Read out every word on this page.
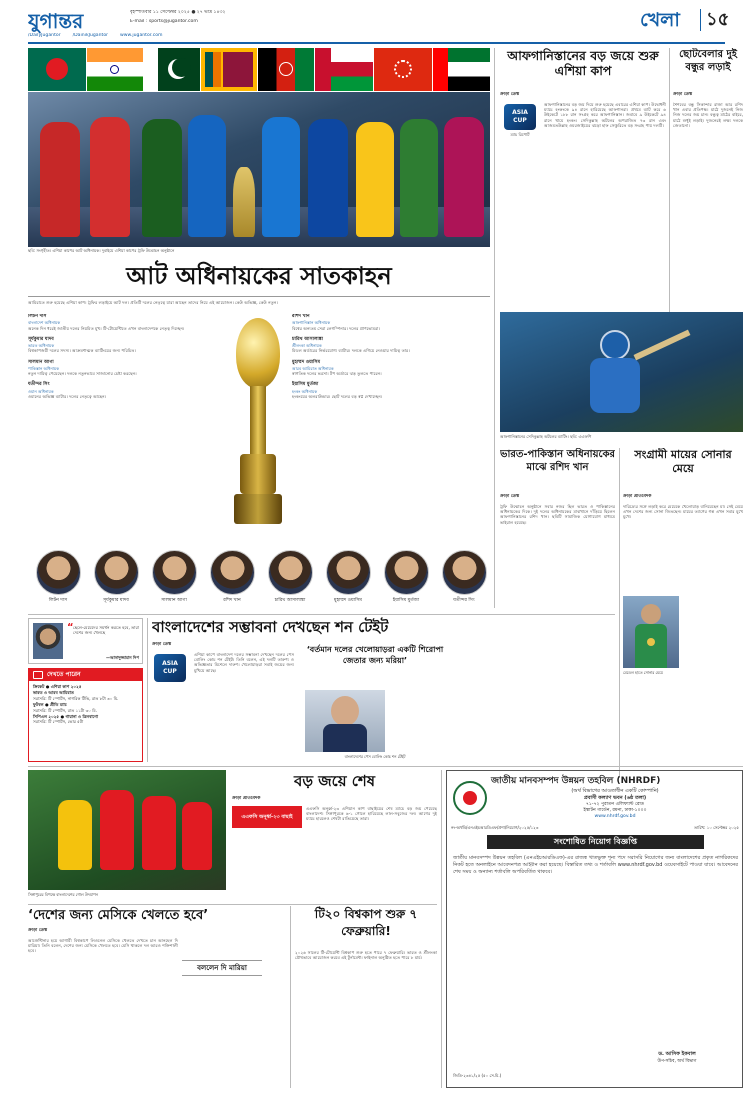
যুগান্তর	বৃহস্পতিবার ১১ সেপ্টেম্বর ২০২৫ ● ২৭ ভাদ্র ১৪৩২
E-mail : sports@jugantor.com
/DailyJugantor	/DainikJugantor	www.jugantor.com
খেলা	১৫
ছবি: সংগৃহীত। এশিয়া কাপের আট অধিনায়ক। দুবাইয়ে এশিয়া কাপের ট্রফি উন্মোচন অনুষ্ঠানে
আট অধিনায়কের সাতকাহন
আমিরাতে শুরু হয়েছে এশিয়া কাপ। ট্রফির লড়াইয়ে আট দল। প্রতিটি দলের নেতৃত্বে যারা আছেন তাদের নিয়ে এই আয়োজন। কেউ অভিজ্ঞ, কেউ নতুন।
লিটন দাস
বাংলাদেশ অধিনায়ক
অনেক দিন ধরেই জাতীয় দলের নিয়মিত মুখ। টি-টোয়েন্টিতে এখন বাংলাদেশকে নেতৃত্ব দিচ্ছেন।
সূর্যকুমার যাদব
ভারত অধিনায়ক
বিশ্বকাপজয়ী দলের সদস্য। আক্রমণাত্মক ব্যাটিংয়ের জন্য পরিচিত।
সালমান আগা
পাকিস্তান অধিনায়ক
নতুন দায়িত্ব পেয়েছেন। দলকে নতুনভাবে সাজানোর চেষ্টা করছেন।
যতীন্দর সিং
ওমান অধিনায়ক
ওমানের অভিজ্ঞ ব্যাটার। দলের নেতৃত্বে আছেন।
রশিদ খান
আফগানিস্তান অধিনায়ক
বিশ্বের অন্যতম সেরা লেগস্পিনার। দলের প্রাণভোমরা।
চারিথ আসালাঙ্কা
শ্রীলংকা অধিনায়ক
মিডল অর্ডারের নির্ভরযোগ্য ব্যাটার। দলকে এগিয়ে নেওয়ার দায়িত্ব তার।
মুহাম্মদ ওয়াসিম
আরব আমিরাত অধিনায়ক
স্বাগতিক দলের ভরসা। টপ অর্ডারে ঝড় তুলতে পারেন।
ইয়াসিম মুর্তজা
হংকং অধিনায়ক
হংকংয়ের অলরাউন্ডার। ছোট দলের বড় স্বপ্ন দেখাচ্ছেন।
লিটন দাস	সূর্যকুমার যাদব	সালমান আগা	রশিদ খান	চারিথ আসালাঙ্কা	মুহাম্মদ ওয়াসিম	ইয়াসিম মুর্তজা	যতীন্দর সিং
আফগানিস্তানের বড় জয়ে শুরু এশিয়া কাপ
ক্রীড়া ডেস্ক
ASIA
CUP
ম্যাচ রিপোর্ট
আফগানিস্তানের বড় জয় দিয়ে শুরু হয়েছে এবারের এশিয়া কাপ। উদ্বোধনী ম্যাচে হংকংকে ৯৪ রানে হারিয়েছে আফগানরা। প্রথমে ব্যাট করে ৬ উইকেটে ১৮৮ রান সংগ্রহ করে আফগানিস্তান। জবাবে ৯ উইকেটে ৯৪ রানে থামে হংকং। সেদিকুল্লাহ অটলের অপরাজিত ৭৩ রান এবং আজমতউল্লাহ ওমরজাইয়ের ঝড়ো হাফ সেঞ্চুরিতে বড় সংগ্রহ পায় দলটি।
ছোটবেলার দুই বন্ধুর লড়াই
ক্রীড়া ডেস্ক
শৈশবের বন্ধু সিকান্দার রাজা আর রশিদ খান এবার প্রতিপক্ষ। মাঠে দুজনেই নিজ নিজ দলের জয় চান। বন্ধুত্ব মাঠের বাইরে, মাঠে শুধুই লড়াই। দুজনেরই লক্ষ্য দলকে জেতানো।
আফগানিস্তানের সেদিকুল্লাহ অটলের ব্যাটিং। ছবি: এএফপি
ভারত-পাকিস্তান অধিনায়কের মাঝে রশিদ খান
ক্রীড়া ডেস্ক
ট্রফি উন্মোচন অনুষ্ঠানে সবার নজর ছিল ভারত ও পাকিস্তানের অধিনায়কের দিকে। দুই দলের অধিনায়কের মাঝখানে দাঁড়িয়ে ছিলেন আফগানিস্তানের রশিদ খান। ছবিটি সামাজিক যোগাযোগ মাধ্যমে ভাইরাল হয়েছে।
সংগ্রামী মায়ের সোনার মেয়ে
ক্রীড়া প্রতিবেদক
দারিদ্র্যের সঙ্গে লড়াই করে মেয়েকে খেলোয়াড় বানিয়েছেন মা। সেই মেয়ে এখন দেশের জন্য সোনা জিতছেন। মায়ের ত্যাগের গল্প এখন সবার মুখে মুখে।
মেডেল হাতে সোনার মেয়ে
“ ছেলে-মেয়েদের সমর্থন করতে হবে, তারা দেশের জন্য খেলছে
—আসাদুজ্জামান দিপ
দেখতে পারেন
ক্রিকেট ● এশিয়া কাপ ২০২৫
ভারত ও আরব আমিরাত
সরাসরি: টি স্পোর্টস, নাগরিক টিভি, রাত ৮টা ৩০ মি.
ফুটবল ● প্রীতি ম্যাচ
সরাসরি: টি স্পোর্টস, রাত ১১টা ৩০ মি.
সিপিএল ২০২৫ ● গায়ানা ও ত্রিনবাগো
সরাসরি: টি স্পোর্টস, ভোর ৫টা
বাংলাদেশের সম্ভাবনা দেখছেন শন টেইট
ক্রীড়া ডেস্ক
ASIA
CUP
এশিয়া কাপে বাংলাদেশ দলের সম্ভাবনা দেখছেন দলের পেস বোলিং কোচ শন টেইট। তিনি বলেন, এই দলটি তারুণ্য ও অভিজ্ঞতার মিশেলে দারুণ। খেলোয়াড়রা সবাই জয়ের জন্য মুখিয়ে আছে।
‘বর্তমান দলের খেলোয়াড়রা একটি শিরোপা জেতার জন্য মরিয়া’
বাংলাদেশের পেস বোলিং কোচ শন টেইট
সিঙ্গাপুরের বিপক্ষে বাংলাদেশের গোল উদযাপন
বড় জয়ে শেষ
ক্রীড়া প্রতিবেদক
এএফসি অনূর্ধ্ব-২৩ বাছাই
এএফসি অনূর্ধ্ব-২৩ এশিয়ান কাপ বাছাইয়ের শেষ ম্যাচে বড় জয় পেয়েছে বাংলাদেশ। সিঙ্গাপুরকে ৬-১ গোলে হারিয়েছে লাল-সবুজের দল। আগের দুই ম্যাচে হারলেও শেষটা রাঙিয়েছে তারা।
জাতীয় মানবসম্পদ উন্নয়ন তহবিল (NHRDF)
(অর্থ বিভাগের আওতাধীন একটি কোম্পানি)
প্রবাসী কল্যাণ ভবন (৬ষ্ঠ তলা)
৭১-৭২ পুরাতন এলিফ্যান্ট রোড
ইস্কাটন গার্ডেন, রমনা, ঢাকা-১০০০
www.nhrdf.gov.bd
নং-অর্থবি/এনএইচআরডিএফ/প্রশা/নিয়োগ/২০২৫/১২৩	তারিখ: ১০ সেপ্টেম্বর ২০২৫
সংশোধিত নিয়োগ বিজ্ঞপ্তি
জাতীয় মানবসম্পদ উন্নয়ন তহবিল (এনএইচআরডিএফ)-এর রাজস্ব খাতভুক্ত শূন্য পদে সরাসরি নিয়োগের জন্য বাংলাদেশের প্রকৃত নাগরিকদের নিকট হতে অনলাইনে আবেদনপত্র আহ্বান করা হয়েছে। বিস্তারিত তথ্য ও শর্তাবলি www.nhrdf.gov.bd ওয়েবসাইটে পাওয়া যাবে। আবেদনের শেষ সময় ও অন্যান্য শর্তাবলি অপরিবর্তিত থাকবে।
ড. আসিফ ইকবাল
উপ-সচিব, অর্থ বিভাগ
জিডি-২৩৪১/২৫ (৫০ সে.মি.)
‘দেশের জন্য মেসিকে খেলতে হবে’
ক্রীড়া ডেস্ক
আর্জেন্টিনার হয়ে আগামী বিশ্বকাপে লিওনেল মেসিকে খেলতে দেখতে চান আনহেল দি মারিয়া। তিনি বলেন, দেশের জন্য মেসিকে খেলতে হবে। মেসি থাকলে দল আরও শক্তিশালী হবে।
বললেন দি মারিয়া
টি২০ বিশ্বকাপ শুরু ৭ ফেব্রুয়ারি!
২০২৬ সালের টি-টোয়েন্টি বিশ্বকাপ শুরু হতে পারে ৭ ফেব্রুয়ারি। ভারত ও শ্রীলংকা যৌথভাবে আয়োজন করবে এই টুর্নামেন্ট। ফাইনাল অনুষ্ঠিত হতে পারে ৮ মার্চ।
